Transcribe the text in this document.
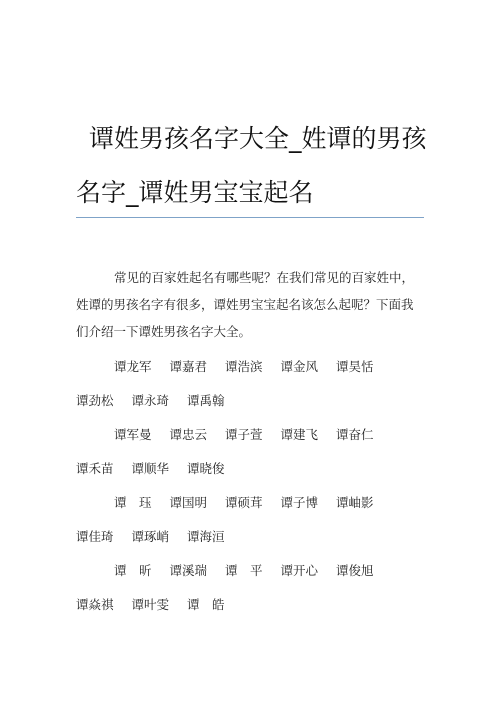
谭姓男孩名字大全_姓谭的男孩
名字_谭姓男宝宝起名
常见的百家姓起名有哪些呢？在我们常见的百家姓中，
姓谭的男孩名字有很多，谭姓男宝宝起名该怎么起呢？下面我
们介绍一下谭姓男孩名字大全。
谭龙军 谭嘉君 谭浩滨 谭金风 谭昊恬
谭劲松 谭永琦 谭禹翰
谭军曼 谭忠云 谭子萱 谭建飞 谭奋仁
谭禾苗 谭顺华 谭晓俊
谭　珏 谭国明 谭硕茸 谭子博 谭岫影
谭佳琦 谭琢峭 谭海洹
谭　昕 谭溪瑞 谭　平 谭开心 谭俊旭
谭焱祺 谭叶雯 谭　皓
